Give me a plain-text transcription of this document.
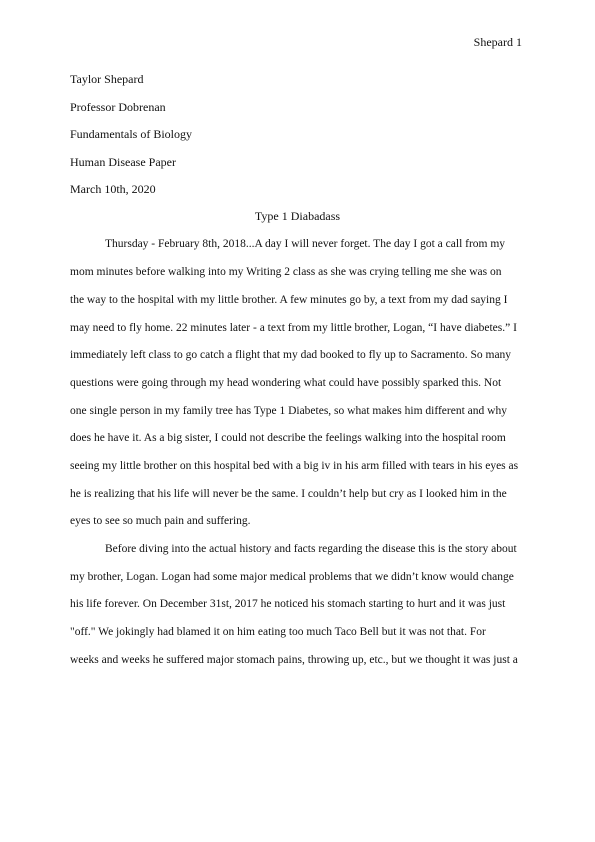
Shepard 1
Taylor Shepard
Professor Dobrenan
Fundamentals of Biology
Human Disease Paper
March 10th, 2020
Type 1 Diabadass
Thursday - February 8th, 2018...A day I will never forget. The day I got a call from my
mom minutes before walking into my Writing 2 class as she was crying telling me she was on
the way to the hospital with my little brother. A few minutes go by, a text from my dad saying I
may need to fly home. 22 minutes later - a text from my little brother, Logan, “I have diabetes.” I
immediately left class to go catch a flight that my dad booked to fly up to Sacramento. So many
questions were going through my head wondering what could have possibly sparked this. Not
one single person in my family tree has Type 1 Diabetes, so what makes him different and why
does he have it. As a big sister, I could not describe the feelings walking into the hospital room
seeing my little brother on this hospital bed with a big iv in his arm filled with tears in his eyes as
he is realizing that his life will never be the same. I couldn’t help but cry as I looked him in the
eyes to see so much pain and suffering.
Before diving into the actual history and facts regarding the disease this is the story about
my brother, Logan. Logan had some major medical problems that we didn’t know would change
his life forever. On December 31st, 2017 he noticed his stomach starting to hurt and it was just
"off." We jokingly had blamed it on him eating too much Taco Bell but it was not that. For
weeks and weeks he suffered major stomach pains, throwing up, etc., but we thought it was just a
